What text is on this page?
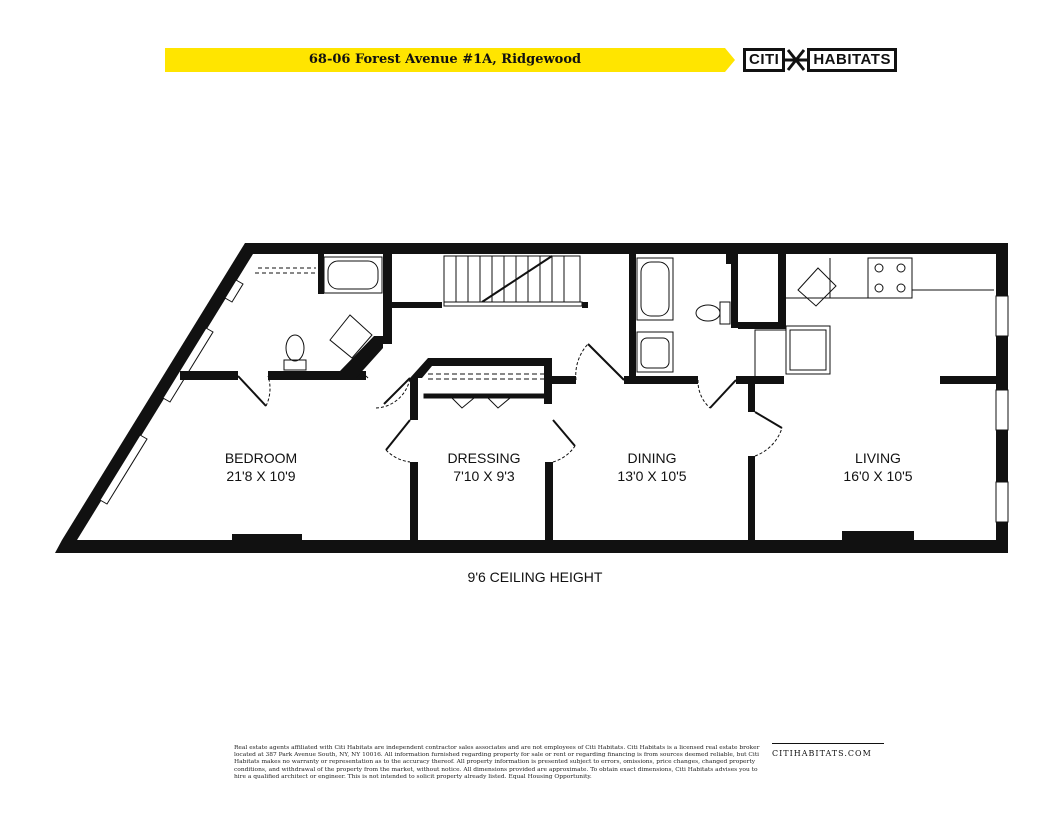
68-06 Forest Avenue #1A, Ridgewood	CITI	HABITATS
BEDROOM
21'8 X 10'9
DRESSING
7'10 X 9'3
DINING
13'0 X 10'5
LIVING
16'0 X 10'5
9'6 CEILING HEIGHT
Real estate agents affiliated with Citi Habitats are independent contractor sales associates and are not employees of Citi Habitats. Citi Habitats is a licensed real estate broker located at 387 Park Avenue South, NY, NY 10016. All information furnished regarding property for sale or rent or regarding financing is from sources deemed reliable, but Citi Habitats makes no warranty or representation as to the accuracy thereof. All property information is presented subject to errors, omissions, price changes, changed property conditions, and withdrawal of the property from the market, without notice. All dimensions provided are approximate. To obtain exact dimensions, Citi Habitats advises you to hire a qualified architect or engineer. This is not intended to solicit property already listed. Equal Housing Opportunity.
CITIHABITATS.COM
